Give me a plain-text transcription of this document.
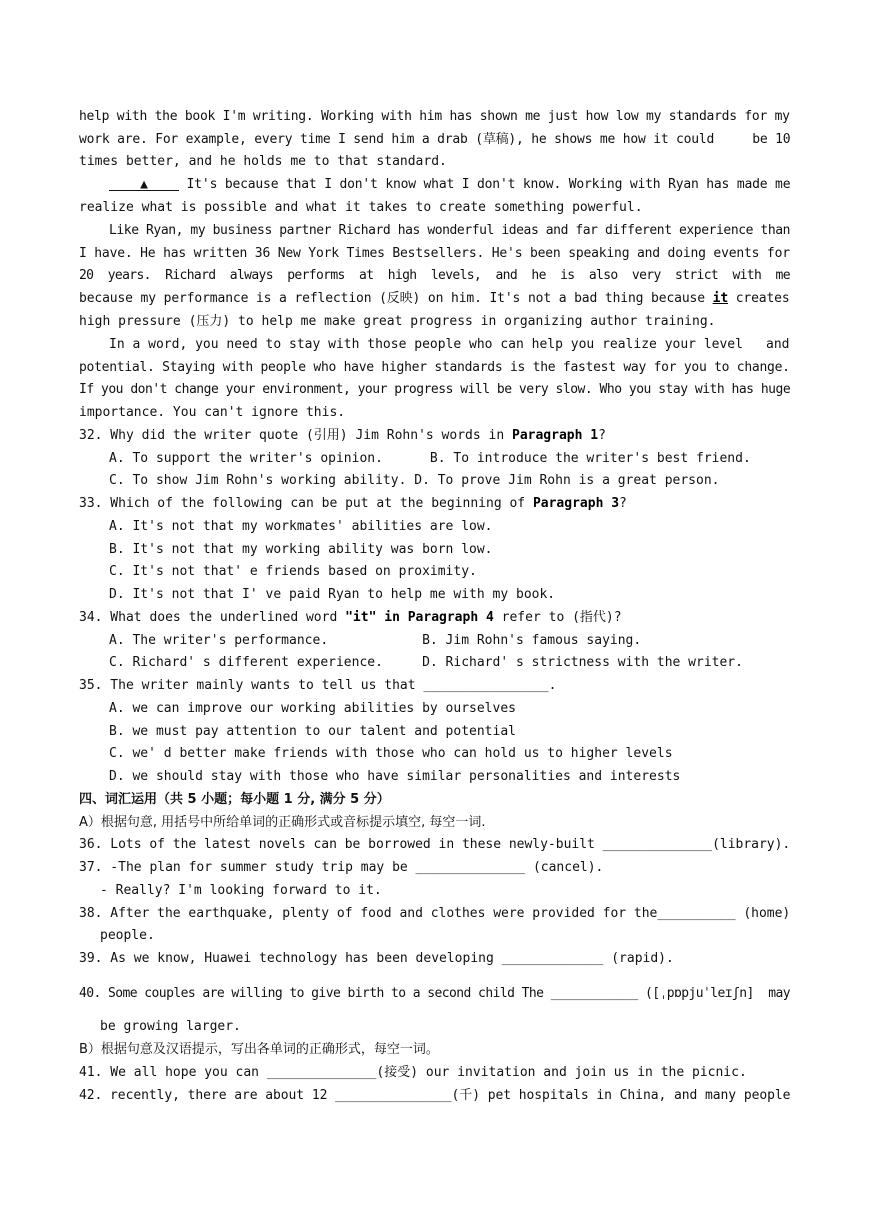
help with the book I'm writing. Working with him has shown me just how low my standards for my
work are. For example, every time I send him a drab (草稿), he shows me how it could     be 10
times better, and he holds me to that standard.
▲ It's because that I don't know what I don't know. Working with Ryan has made me
realize what is possible and what it takes to create something powerful.
Like Ryan, my business partner Richard has wonderful ideas and far different experience than
I have. He has written 36 New York Times Bestsellers. He's been speaking and doing events for
20  years.  Richard  always  performs  at  high  levels,  and  he  is  also  very  strict  with  me
because my performance is a reflection (反映) on him. It's not a bad thing because it creates
high pressure (压力) to help me make great progress in organizing author training.
In a word, you need to stay with those people who can help you realize your level and
potential. Staying with people who have higher standards is the fastest way for you to change.
If you don't change your environment, your progress will be very slow. Who you stay with has huge
importance. You can't ignore this.
32. Why did the writer quote (引用) Jim Rohn's words in Paragraph 1?
A. To support the writer's opinion.      B. To introduce the writer's best friend.
C. To show Jim Rohn's working ability. D. To prove Jim Rohn is a great person.
33. Which of the following can be put at the beginning of Paragraph 3?
A. It's not that my workmates' abilities are low.
B. It's not that my working ability was born low.
C. It's not that' e friends based on proximity.
D. It's not that I' ve paid Ryan to help me with my book.
34. What does the underlined word "it" in Paragraph 4 refer to (指代)?
A. The writer's performance.            B. Jim Rohn's famous saying.
C. Richard' s different experience.     D. Richard' s strictness with the writer.
35. The writer mainly wants to tell us that ________________.
A. we can improve our working abilities by ourselves
B. we must pay attention to our talent and potential
C. we' d better make friends with those who can hold us to higher levels
D. we should stay with those who have similar personalities and interests
四、词汇运用（共 5 小题；每小题 1 分, 满分 5 分）
A）根据句意, 用括号中所给单词的正确形式或音标提示填空, 每空一词.
36. Lots of the latest novels can be borrowed in these newly-built ______________(library).
37. -The plan for summer study trip may be ______________ (cancel).
- Really? I'm looking forward to it.
38. After the earthquake, plenty of food and clothes were provided for the__________ (home)
people.
39. As we know, Huawei technology has been developing _____________ (rapid).
40. Some couples are willing to give birth to a second child The ____________ ([ˌpɒpjuˈleɪʃn]  may
be growing larger.
B）根据句意及汉语提示，写出各单词的正确形式，每空一词。
41. We all hope you can ______________(接受) our invitation and join us in the picnic.
42. recently, there are about 12 _______________(千) pet hospitals in China, and many people
